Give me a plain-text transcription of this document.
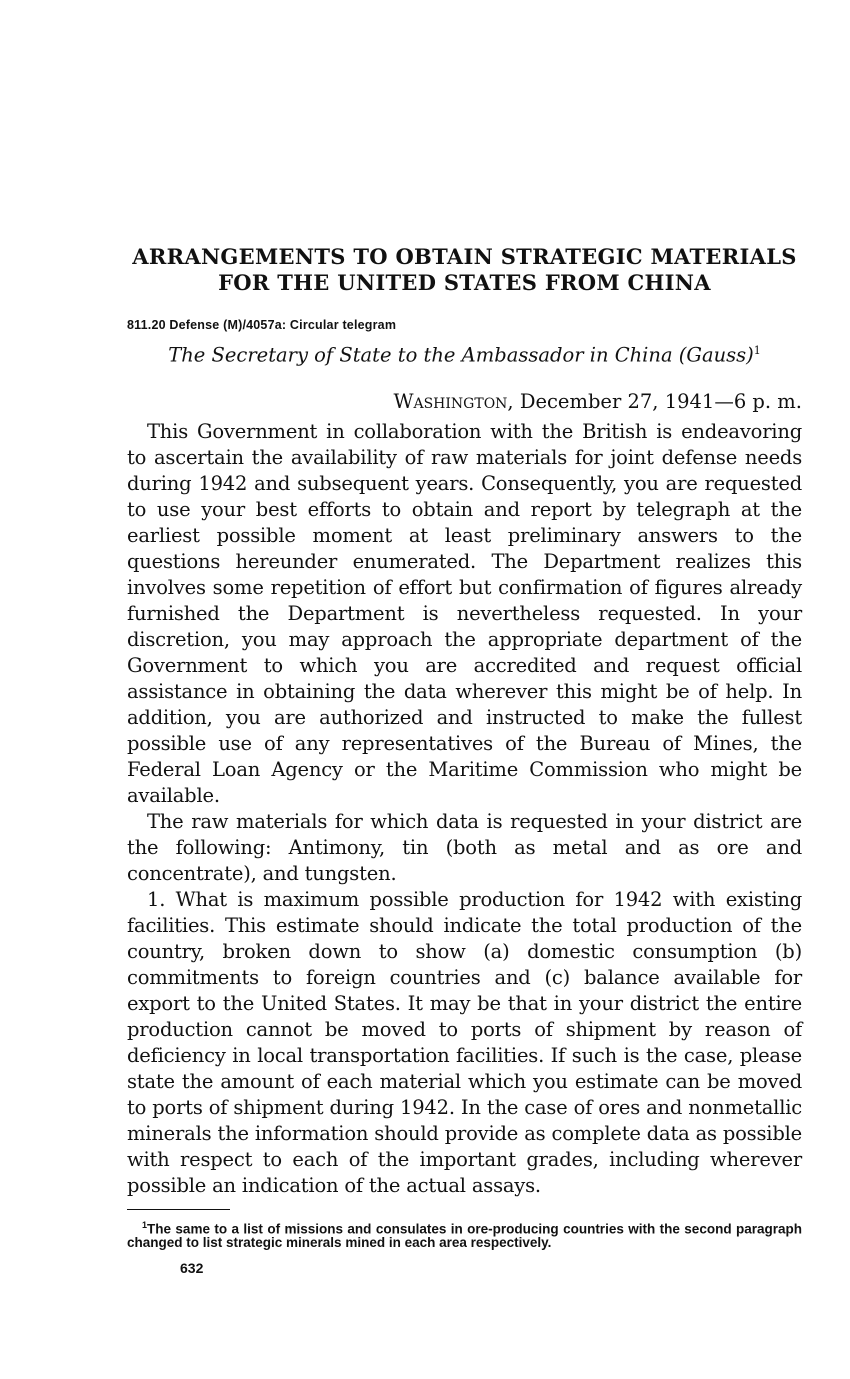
ARRANGEMENTS TO OBTAIN STRATEGIC MATERIALS
FOR THE UNITED STATES FROM CHINA

811.20 Defense (M)/4057a: Circular telegram

The Secretary of State to the Ambassador in China (Gauss)$^1$

Washington, December 27, 1941—6 p. m.

This Government in collaboration with the British is endeavoring to ascertain the availability of raw materials for joint defense needs during 1942 and subsequent years. Consequently, you are requested to use your best efforts to obtain and report by telegraph at the earliest possible moment at least preliminary answers to the questions hereunder enumerated. The Department realizes this involves some repetition of effort but confirmation of figures already furnished the Department is nevertheless requested. In your discretion, you may approach the appropriate department of the Government to which you are accredited and request official assistance in obtaining the data wherever this might be of help. In addition, you are authorized and instructed to make the fullest possible use of any representatives of the Bureau of Mines, the Federal Loan Agency or the Maritime Commission who might be available.

The raw materials for which data is requested in your district are the following: Antimony, tin (both as metal and as ore and concentrate), and tungsten.

1. What is maximum possible production for 1942 with existing facilities. This estimate should indicate the total production of the country, broken down to show (a) domestic consumption (b) commitments to foreign countries and (c) balance available for export to the United States. It may be that in your district the entire production cannot be moved to ports of shipment by reason of deficiency in local transportation facilities. If such is the case, please state the amount of each material which you estimate can be moved to ports of shipment during 1942. In the case of ores and nonmetallic minerals the information should provide as complete data as possible with respect to each of the important grades, including wherever possible an indication of the actual assays.

$^1$The same to a list of missions and consulates in ore-producing countries with the second paragraph changed to list strategic minerals mined in each area respectively.

632
